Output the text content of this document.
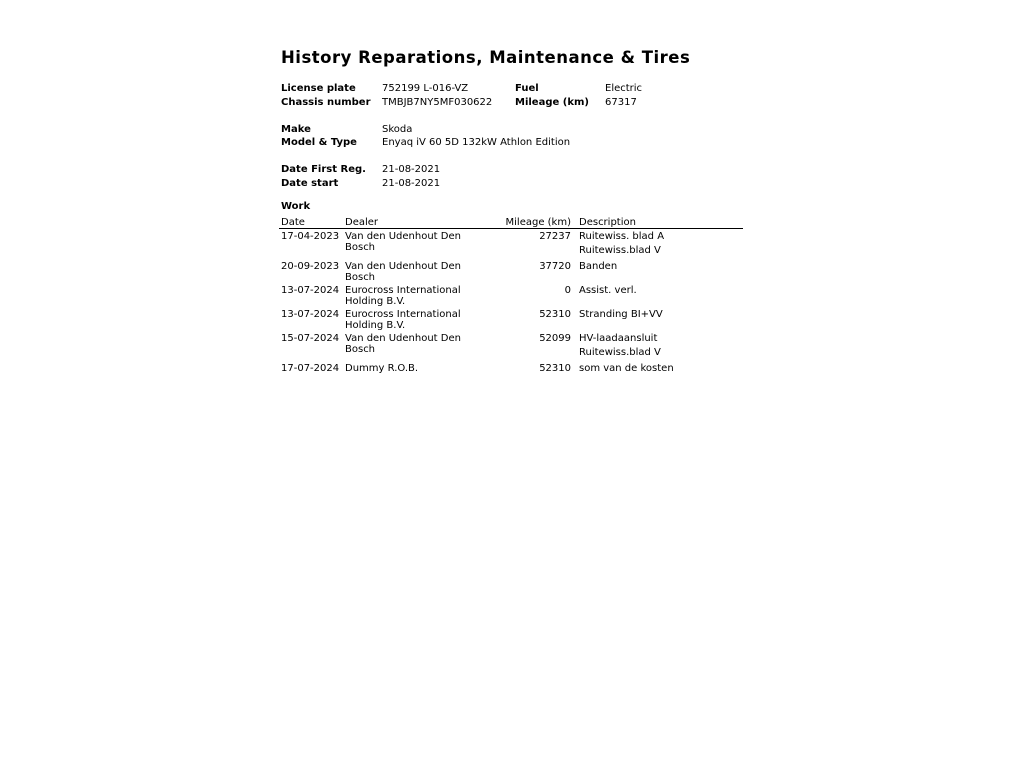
History Reparations, Maintenance & Tires
License plate	752199 L-016-VZ	Fuel	Electric
Chassis number TMBJB7NY5MF030622 Mileage (km) 67317
Make	Skoda
Model & Type	Enyaq iV 60 5D 132kW Athlon Edition
Date First Reg. 21-08-2021
Date start	21-08-2021
Work
Date	Dealer	Mileage (km)	Description
17-04-2023	Van den Udenhout Den Bosch	27237	Ruitewiss. blad A
Ruitewiss.blad V

20-09-2023	Van den Udenhout Den Bosch	37720	Banden

13-07-2024	Eurocross International Holding B.V.	0	Assist. verl.

13-07-2024	Eurocross International Holding B.V.	52310	Stranding BI+VV

15-07-2024	Van den Udenhout Den Bosch	52099	HV-laadaansluit
Ruitewiss.blad V

17-07-2024	Dummy R.O.B.	52310	som van de kosten
